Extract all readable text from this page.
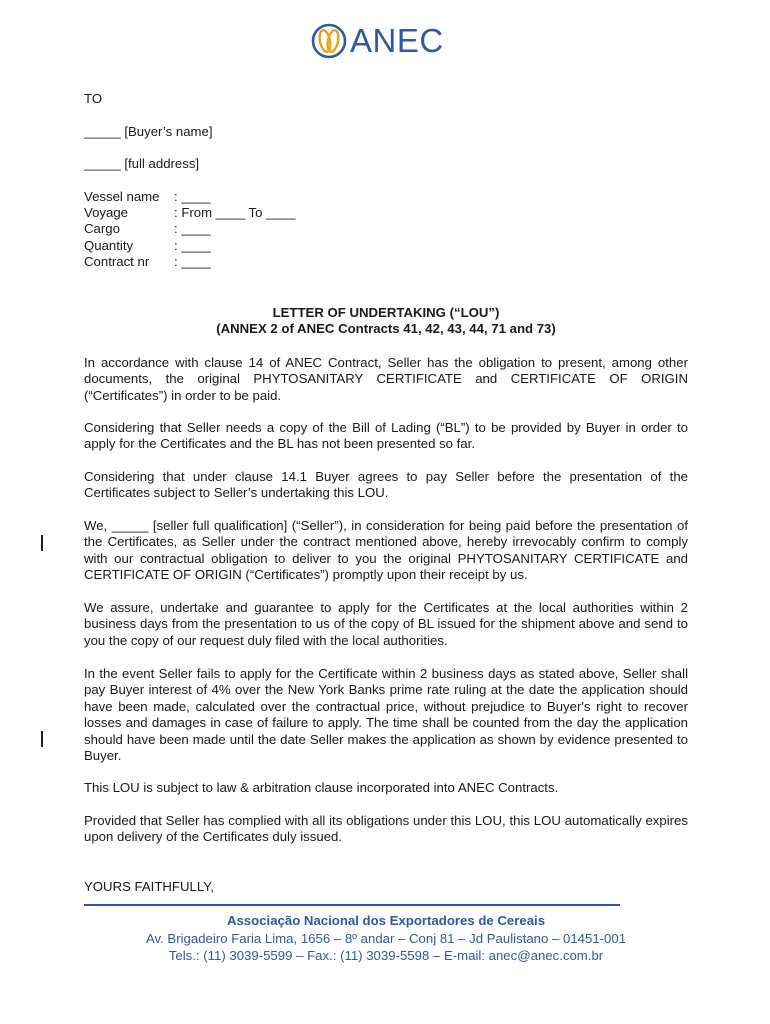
ANEC
TO
_____ [Buyer’s name]
_____ [full address]
Vessel name : ____
Voyage	: From ____ To ____
Cargo	: ____
Quantity	: ____
Contract nr : ____
LETTER OF UNDERTAKING (“LOU”)
(ANNEX 2 of ANEC Contracts 41, 42, 43, 44, 71 and 73)
In accordance with clause 14 of ANEC Contract, Seller has the obligation to present, among other documents, the original PHYTOSANITARY CERTIFICATE and CERTIFICATE OF ORIGIN (“Certificates”) in order to be paid.
Considering that Seller needs a copy of the Bill of Lading (“BL”) to be provided by Buyer in order to apply for the Certificates and the BL has not been presented so far.
Considering that under clause 14.1 Buyer agrees to pay Seller before the presentation of the Certificates subject to Seller’s undertaking this LOU.
We, _____ [seller full qualification] (“Seller”), in consideration for being paid before the presentation of the Certificates, as Seller under the contract mentioned above, hereby irrevocably confirm to comply with our contractual obligation to deliver to you the original PHYTOSANITARY CERTIFICATE and CERTIFICATE OF ORIGIN (“Certificates”) promptly upon their receipt by us.
We assure, undertake and guarantee to apply for the Certificates at the local authorities within 2 business days from the presentation to us of the copy of BL issued for the shipment above and send to you the copy of our request duly filed with the local authorities.
In the event Seller fails to apply for the Certificate within 2 business days as stated above, Seller shall pay Buyer interest of 4% over the New York Banks prime rate ruling at the date the application should have been made, calculated over the contractual price, without prejudice to Buyer's right to recover losses and damages in case of failure to apply. The time shall be counted from the day the application should have been made until the date Seller makes the application as shown by evidence presented to Buyer.
This LOU is subject to law & arbitration clause incorporated into ANEC Contracts.
Provided that Seller has complied with all its obligations under this LOU, this LOU automatically expires upon delivery of the Certificates duly issued.
YOURS FAITHFULLY,
Associação Nacional dos Exportadores de Cereais
Av. Brigadeiro Faria Lima, 1656 – 8º andar – Conj 81 – Jd Paulistano – 01451-001
Tels.: (11) 3039-5599 – Fax.: (11) 3039-5598 – E-mail: anec@anec.com.br
